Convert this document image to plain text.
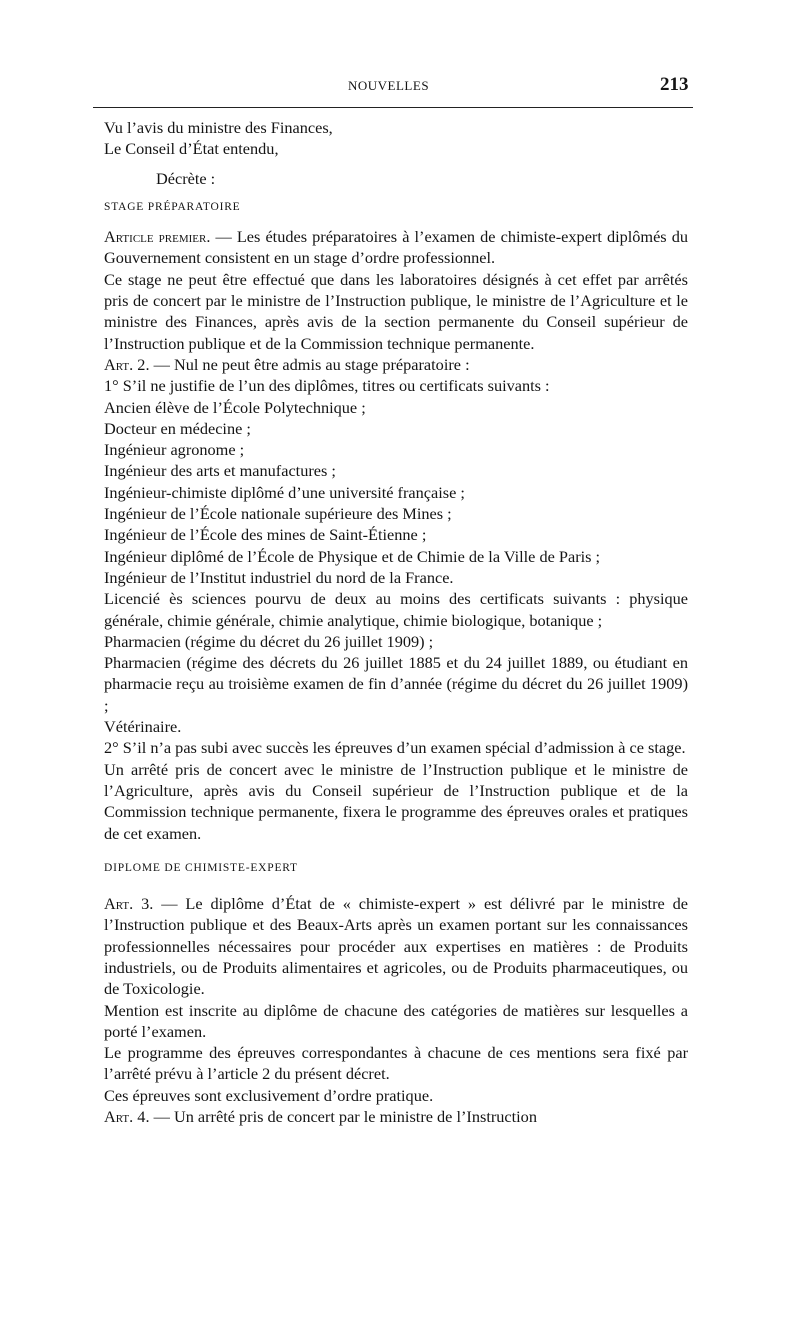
NOUVELLES	213

Vu l’avis du ministre des Finances,

Le Conseil d’État entendu,

Décrète :

STAGE PRÉPARATOIRE

Article premier. — Les études préparatoires à l’examen de chimiste-expert diplômés du Gouvernement consistent en un stage d’ordre professionnel.

Ce stage ne peut être effectué que dans les laboratoires désignés à cet effet par arrêtés pris de concert par le ministre de l’Instruction publique, le ministre de l’Agriculture et le ministre des Finances, après avis de la section permanente du Conseil supérieur de l’Instruction publique et de la Commission technique permanente.

Art. 2. — Nul ne peut être admis au stage préparatoire :

1° S’il ne justifie de l’un des diplômes, titres ou certificats suivants :

Ancien élève de l’École Polytechnique ;

Docteur en médecine ;

Ingénieur agronome ;

Ingénieur des arts et manufactures ;

Ingénieur-chimiste diplômé d’une université française ;

Ingénieur de l’École nationale supérieure des Mines ;

Ingénieur de l’École des mines de Saint-Étienne ;

Ingénieur diplômé de l’École de Physique et de Chimie de la Ville de Paris ;

Ingénieur de l’Institut industriel du nord de la France.

Licencié ès sciences pourvu de deux au moins des certificats suivants : physique générale, chimie générale, chimie analytique, chimie biologique, botanique ;

Pharmacien (régime du décret du 26 juillet 1909) ;

Pharmacien (régime des décrets du 26 juillet 1885 et du 24 juillet 1889, ou étudiant en pharmacie reçu au troisième examen de fin d’année (régime du décret du 26 juillet 1909) ;

Vétérinaire.

2° S’il n’a pas subi avec succès les épreuves d’un examen spécial d’admission à ce stage.

Un arrêté pris de concert avec le ministre de l’Instruction publique et le ministre de l’Agriculture, après avis du Conseil supérieur de l’Instruction publique et de la Commission technique permanente, fixera le programme des épreuves orales et pratiques de cet examen.

DIPLOME DE CHIMISTE-EXPERT

Art. 3. — Le diplôme d’État de « chimiste-expert » est délivré par le ministre de l’Instruction publique et des Beaux-Arts après un examen portant sur les connaissances professionnelles nécessaires pour procéder aux expertises en matières : de Produits industriels, ou de Produits alimentaires et agricoles, ou de Produits pharmaceutiques, ou de Toxicologie.

Mention est inscrite au diplôme de chacune des catégories de matières sur lesquelles a porté l’examen.

Le programme des épreuves correspondantes à chacune de ces mentions sera fixé par l’arrêté prévu à l’article 2 du présent décret.

Ces épreuves sont exclusivement d’ordre pratique.

Art. 4. — Un arrêté pris de concert par le ministre de l’Instruction
